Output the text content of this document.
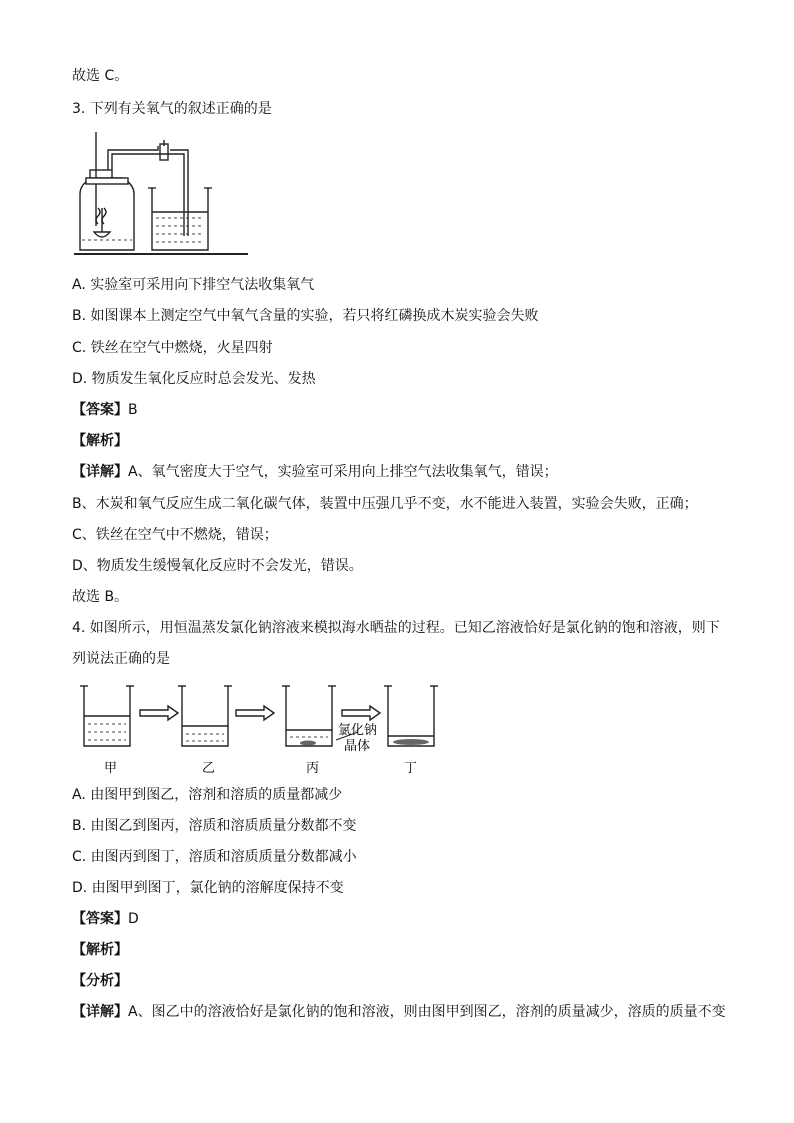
故选 C。
3. 下列有关氧气的叙述正确的是
A. 实验室可采用向下排空气法收集氧气
B. 如图课本上测定空气中氧气含量的实验，若只将红磷换成木炭实验会失败
C. 铁丝在空气中燃烧，火星四射
D. 物质发生氧化反应时总会发光、发热
【答案】B
【解析】
【详解】A、氧气密度大于空气，实验室可采用向上排空气法收集氧气，错误；
B、木炭和氧气反应生成二氧化碳气体，装置中压强几乎不变，水不能进入装置，实验会失败，正确；
C、铁丝在空气中不燃烧，错误；
D、物质发生缓慢氧化反应时不会发光，错误。
故选 B。
4. 如图所示，用恒温蒸发氯化钠溶液来模拟海水晒盐的过程。已知乙溶液恰好是氯化钠的饱和溶液，则下
列说法正确的是
氯化钠
晶体
甲	乙	丙	丁
A. 由图甲到图乙，溶剂和溶质的质量都减少
B. 由图乙到图丙，溶质和溶质质量分数都不变
C. 由图丙到图丁，溶质和溶质质量分数都减小
D. 由图甲到图丁，氯化钠的溶解度保持不变
【答案】D
【解析】
【分析】
【详解】A、图乙中的溶液恰好是氯化钠的饱和溶液，则由图甲到图乙，溶剂的质量减少，溶质的质量不变
